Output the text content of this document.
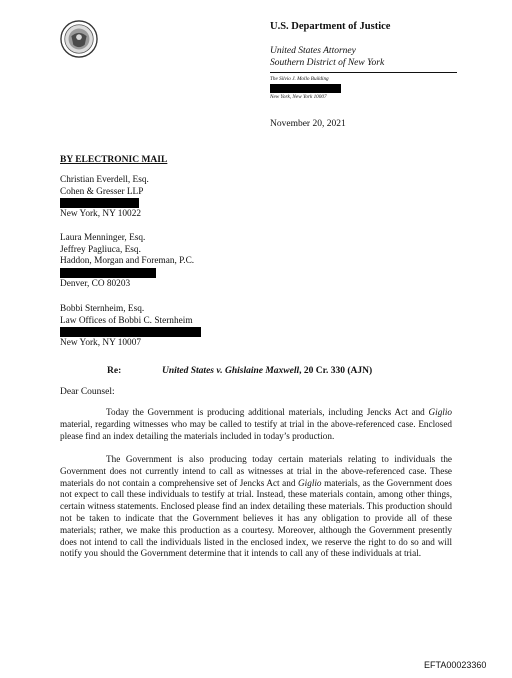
U.S. Department of Justice
United States Attorney
Southern District of New York
The Silvio J. Mollo Building
New York, New York 10007
November 20, 2021
BY ELECTRONIC MAIL
Christian Everdell, Esq.
Cohen & Gresser LLP
New York, NY 10022
Laura Menninger, Esq.
Jeffrey Pagliuca, Esq.
Haddon, Morgan and Foreman, P.C.
Denver, CO 80203
Bobbi Sternheim, Esq.
Law Offices of Bobbi C. Sternheim
New York, NY 10007
Re:	United States v. Ghislaine Maxwell, 20 Cr. 330 (AJN)
Dear Counsel:
Today the Government is producing additional materials, including Jencks Act and Giglio material, regarding witnesses who may be called to testify at trial in the above-referenced case. Enclosed please find an index detailing the materials included in today’s production.
The Government is also producing today certain materials relating to individuals the Government does not currently intend to call as witnesses at trial in the above-referenced case. These materials do not contain a comprehensive set of Jencks Act and Giglio materials, as the Government does not expect to call these individuals to testify at trial. Instead, these materials contain, among other things, certain witness statements. Enclosed please find an index detailing these materials. This production should not be taken to indicate that the Government believes it has any obligation to provide all of these materials; rather, we make this production as a courtesy. Moreover, although the Government presently does not intend to call the individuals listed in the enclosed index, we reserve the right to do so and will notify you should the Government determine that it intends to call any of these individuals at trial.
EFTA00023360
